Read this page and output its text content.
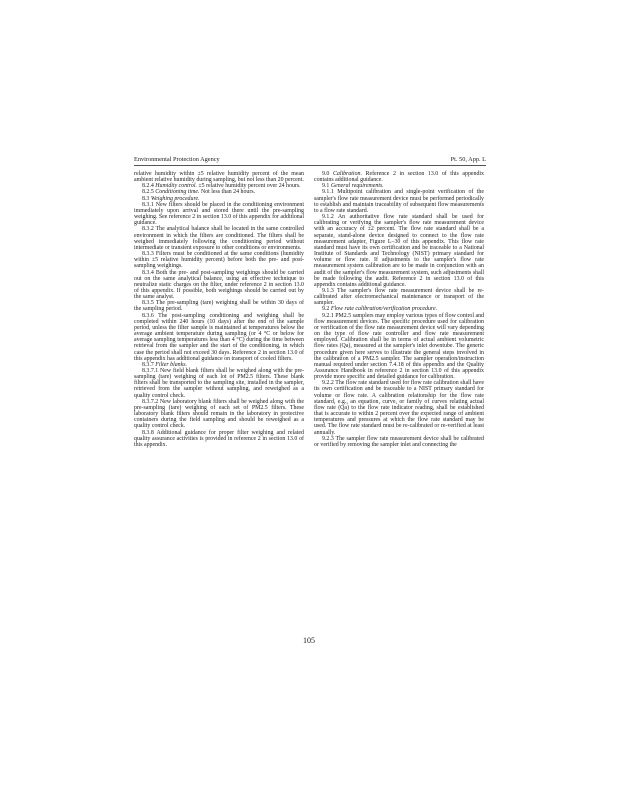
Environmental Protection Agency	Pt. 50, App. L

relative humidity within ±5 relative humidity percent of the mean ambient relative humidity during sampling, but not less than 20 percent.

8.2.4 Humidity control. ±5 relative humidity percent over 24 hours.

8.2.5 Conditioning time. Not less than 24 hours.

8.3 Weighing procedure.

8.3.1 New filters should be placed in the conditioning environment immediately upon arrival and stored there until the pre-sampling weighing. See reference 2 in section 13.0 of this appendix for additional guidance.

8.3.2 The analytical balance shall be located in the same controlled environment in which the filters are conditioned. The filters shall be weighed immediately following the conditioning period without intermediate or transient exposure to other conditions or environments.

8.3.3 Filters must be conditioned at the same conditions (humidity within ±5 relative humidity percent) before both the pre- and post-sampling weighings.

8.3.4 Both the pre- and post-sampling weighings should be carried out on the same analytical balance, using an effective technique to neutralize static charges on the filter, under reference 2 in section 13.0 of this appendix. If possible, both weighings should be carried out by the same analyst.

8.3.5 The pre-sampling (tare) weighing shall be within 30 days of the sampling period.

8.3.6 The post-sampling conditioning and weighing shall be completed within 240 hours (10 days) after the end of the sample period, unless the filter sample is maintained at temperatures below the average ambient temperature during sampling (or 4 °C or below for average sampling temperatures less than 4 °C) during the time between retrieval from the sampler and the start of the conditioning, in which case the period shall not exceed 30 days. Reference 2 in section 13.0 of this appendix has additional guidance on transport of cooled filters.

8.3.7 Filter blanks.

8.3.7.1 New field blank filters shall be weighed along with the pre-sampling (tare) weighing of each lot of PM2.5 filters. These blank filters shall be transported to the sampling site, installed in the sampler, retrieved from the sampler without sampling, and reweighed as a quality control check.

8.3.7.2 New laboratory blank filters shall be weighed along with the pre-sampling (tare) weighing of each set of PM2.5 filters. These laboratory blank filters should remain in the laboratory in protective containers during the field sampling and should be reweighed as a quality control check.

8.3.8 Additional guidance for proper filter weighing and related quality assurance activities is provided in reference 2 in section 13.0 of this appendix.

9.0 Calibration. Reference 2 in section 13.0 of this appendix contains additional guidance.

9.1 General requirements.

9.1.1 Multipoint calibration and single-point verification of the sampler's flow rate measurement device must be performed periodically to establish and maintain traceability of subsequent flow measurements to a flow rate standard.

9.1.2 An authoritative flow rate standard shall be used for calibrating or verifying the sampler's flow rate measurement device with an accuracy of ±2 percent. The flow rate standard shall be a separate, stand-alone device designed to connect to the flow rate measurement adapter, Figure L–30 of this appendix. This flow rate standard must have its own certification and be traceable to a National Institute of Standards and Technology (NIST) primary standard for volume or flow rate. If adjustments to the sampler's flow rate measurement system calibration are to be made in conjunction with an audit of the sampler's flow measurement system, such adjustments shall be made following the audit. Reference 2 in section 13.0 of this appendix contains additional guidance.

9.1.3 The sampler's flow rate measurement device shall be re-calibrated after electromechanical maintenance or transport of the sampler.

9.2 Flow rate calibration/verification procedure.

9.2.1 PM2.5 samplers may employ various types of flow control and flow measurement devices. The specific procedure used for calibration or verification of the flow rate measurement device will vary depending on the type of flow rate controller and flow rate measurement employed. Calibration shall be in terms of actual ambient volumetric flow rates (Qa), measured at the sampler's inlet downtube. The generic procedure given here serves to illustrate the general steps involved in the calibration of a PM2.5 sampler. The sampler operation/instruction manual required under section 7.4.18 of this appendix and the Quality Assurance Handbook in reference 2 in section 13.0 of this appendix provide more specific and detailed guidance for calibration.

9.2.2 The flow rate standard used for flow rate calibration shall have its own certification and be traceable to a NIST primary standard for volume or flow rate. A calibration relationship for the flow rate standard, e.g., an equation, curve, or family of curves relating actual flow rate (Qa) to the flow rate indicator reading, shall be established that is accurate to within 2 percent over the expected range of ambient temperatures and pressures at which the flow rate standard may be used. The flow rate standard must be re-calibrated or re-verified at least annually.

9.2.3 The sampler flow rate measurement device shall be calibrated or verified by removing the sampler inlet and connecting the

105
